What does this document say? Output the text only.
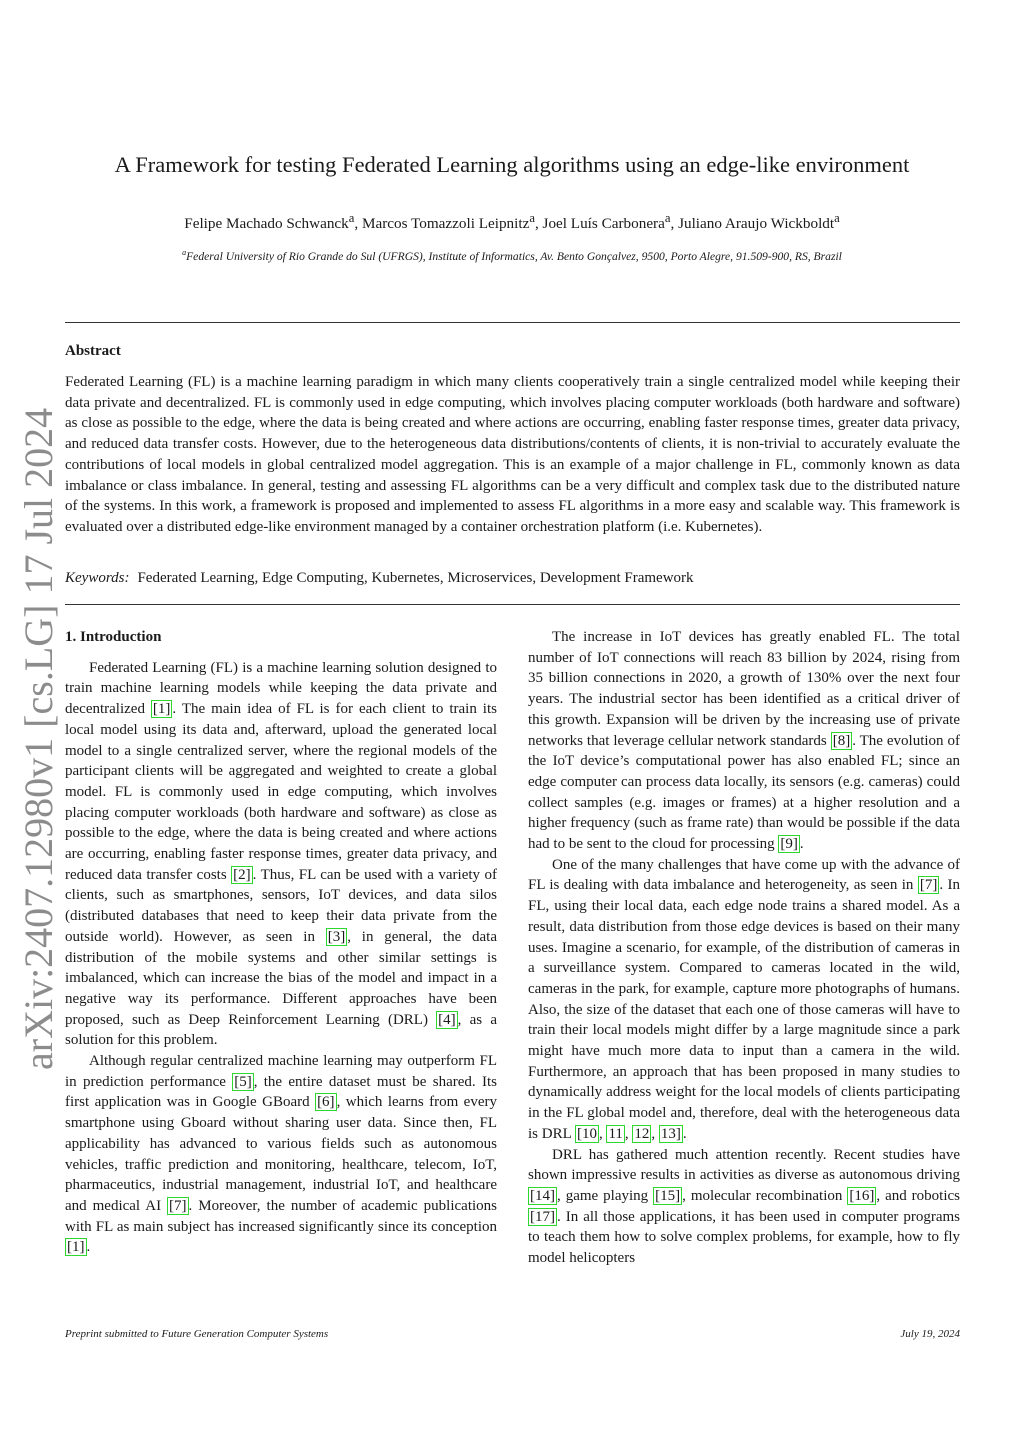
arXiv:2407.12980v1 [cs.LG] 17 Jul 2024
A Framework for testing Federated Learning algorithms using an edge-like environment
Felipe Machado Schwanck$^a$, Marcos Tomazzoli Leipnitz$^a$, Joel Luís Carbonera$^a$, Juliano Araujo Wickboldt$^a$
$^a$Federal University of Rio Grande do Sul (UFRGS), Institute of Informatics, Av. Bento Gonçalvez, 9500, Porto Alegre, 91.509-900, RS, Brazil
Abstract
Federated Learning (FL) is a machine learning paradigm in which many clients cooperatively train a single centralized model while keeping their data private and decentralized. FL is commonly used in edge computing, which involves placing computer workloads (both hardware and software) as close as possible to the edge, where the data is being created and where actions are occurring, enabling faster response times, greater data privacy, and reduced data transfer costs. However, due to the heterogeneous data distributions/contents of clients, it is non-trivial to accurately evaluate the contributions of local models in global centralized model aggregation. This is an example of a major challenge in FL, commonly known as data imbalance or class imbalance. In general, testing and assessing FL algorithms can be a very difficult and complex task due to the distributed nature of the systems. In this work, a framework is proposed and implemented to assess FL algorithms in a more easy and scalable way. This framework is evaluated over a distributed edge-like environment managed by a container orchestration platform (i.e. Kubernetes).
Keywords: Federated Learning, Edge Computing, Kubernetes, Microservices, Development Framework
1. Introduction

Federated Learning (FL) is a machine learning solution designed to train machine learning models while keeping the data private and decentralized [1] . The main idea of FL is for each client to train its local model using its data and, afterward, upload the generated local model to a single centralized server, where the regional models of the participant clients will be aggregated and weighted to create a global model. FL is commonly used in edge computing, which involves placing computer workloads (both hardware and software) as close as possible to the edge, where the data is being created and where actions are occurring, enabling faster response times, greater data privacy, and reduced data transfer costs [2] . Thus, FL can be used with a variety of clients, such as smartphones, sensors, IoT devices, and data silos (distributed databases that need to keep their data private from the outside world). However, as seen in [3] , in general, the data distribution of the mobile systems and other similar settings is imbalanced, which can increase the bias of the model and impact in a negative way its performance. Different approaches have been proposed, such as Deep Reinforcement Learning (DRL) [4] , as a solution for this problem.

Although regular centralized machine learning may outperform FL in prediction performance [5] , the entire dataset must be shared. Its first application was in Google GBoard [6] , which learns from every smartphone using Gboard without sharing user data. Since then, FL applicability has advanced to various fields such as autonomous vehicles, traffic prediction and monitoring, healthcare, telecom, IoT, pharmaceutics, industrial management, industrial IoT, and healthcare and medical AI [7] . Moreover, the number of academic publications with FL as main subject has increased significantly since its conception [1] .

The increase in IoT devices has greatly enabled FL. The total number of IoT connections will reach 83 billion by 2024, rising from 35 billion connections in 2020, a growth of 130% over the next four years. The industrial sector has been identified as a critical driver of this growth. Expansion will be driven by the increasing use of private networks that leverage cellular network standards [8] . The evolution of the IoT device’s computational power has also enabled FL; since an edge computer can process data locally, its sensors (e.g. cameras) could collect samples (e.g. images or frames) at a higher resolution and a higher frequency (such as frame rate) than would be possible if the data had to be sent to the cloud for processing [9] .

One of the many challenges that have come up with the advance of FL is dealing with data imbalance and heterogeneity, as seen in [7] . In FL, using their local data, each edge node trains a shared model. As a result, data distribution from those edge devices is based on their many uses. Imagine a scenario, for example, of the distribution of cameras in a surveillance system. Compared to cameras located in the wild, cameras in the park, for example, capture more photographs of humans. Also, the size of the dataset that each one of those cameras will have to train their local models might differ by a large magnitude since a park might have much more data to input than a camera in the wild. Furthermore, an approach that has been proposed in many studies to dynamically address weight for the local models of clients participating in the FL global model and, therefore, deal with the heterogeneous data is DRL [10 , 11 , 12 , 13] .

DRL has gathered much attention recently. Recent studies have shown impressive results in activities as diverse as autonomous driving [14] , game playing [15] , molecular recombination [16] , and robotics [17] . In all those applications, it has been used in computer programs to teach them how to solve complex problems, for example, how to fly model helicopters

Preprint submitted to Future Generation Computer Systems	July 19, 2024
